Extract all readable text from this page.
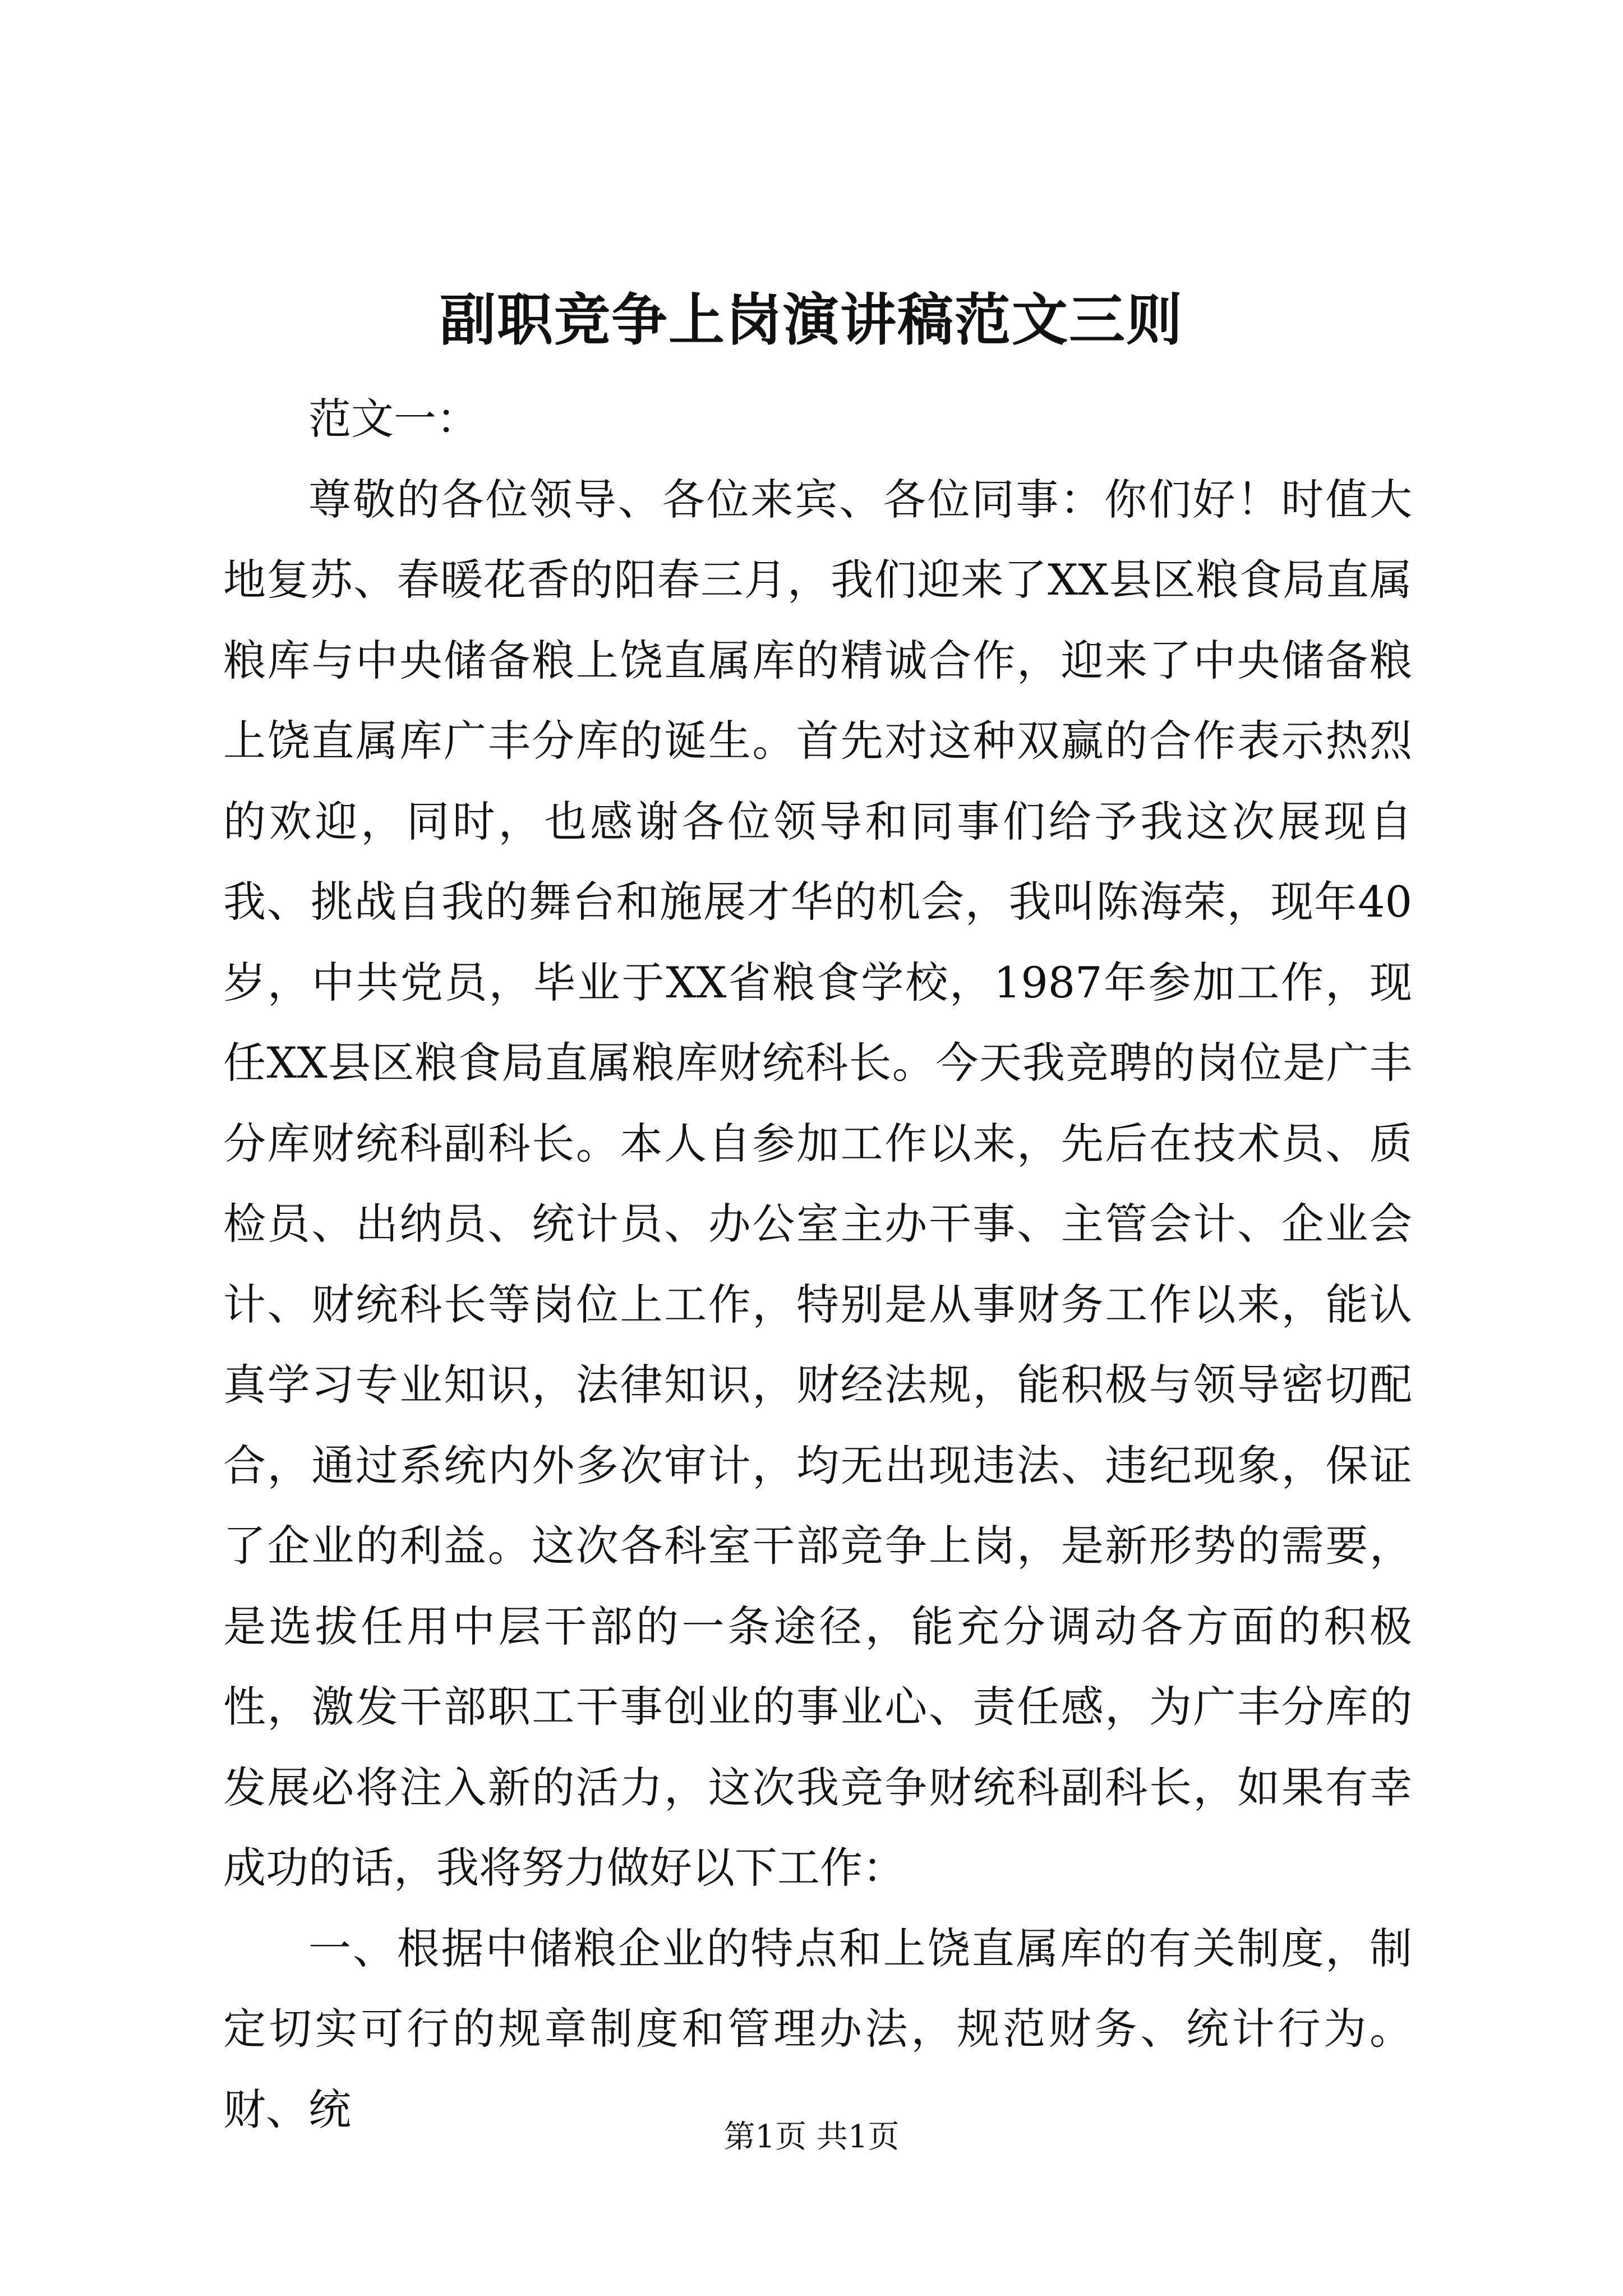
副职竞争上岗演讲稿范文三则

范文一：

尊敬的各位领导、各位来宾、各位同事：你们好！时值大地复苏、春暖花香的阳春三月，我们迎来了XX县区粮食局直属粮库与中央储备粮上饶直属库的精诚合作，迎来了中央储备粮上饶直属库广丰分库的诞生。首先对这种双赢的合作表示热烈的欢迎，同时，也感谢各位领导和同事们给予我这次展现自我、挑战自我的舞台和施展才华的机会，我叫陈海荣，现年40岁，中共党员，毕业于XX省粮食学校，1987年参加工作，现任XX县区粮食局直属粮库财统科长。今天我竞聘的岗位是广丰分库财统科副科长。本人自参加工作以来，先后在技术员、质检员、出纳员、统计员、办公室主办干事、主管会计、企业会计、财统科长等岗位上工作，特别是从事财务工作以来，能认真学习专业知识，法律知识，财经法规，能积极与领导密切配合，通过系统内外多次审计，均无出现违法、违纪现象，保证了企业的利益。这次各科室干部竞争上岗，是新形势的需要，是选拔任用中层干部的一条途径，能充分调动各方面的积极性，激发干部职工干事创业的事业心、责任感，为广丰分库的发展必将注入新的活力，这次我竞争财统科副科长，如果有幸成功的话，我将努力做好以下工作：

一、根据中储粮企业的特点和上饶直属库的有关制度，制定切实可行的规章制度和管理办法，规范财务、统计行为。财、统

第1页 共1页
